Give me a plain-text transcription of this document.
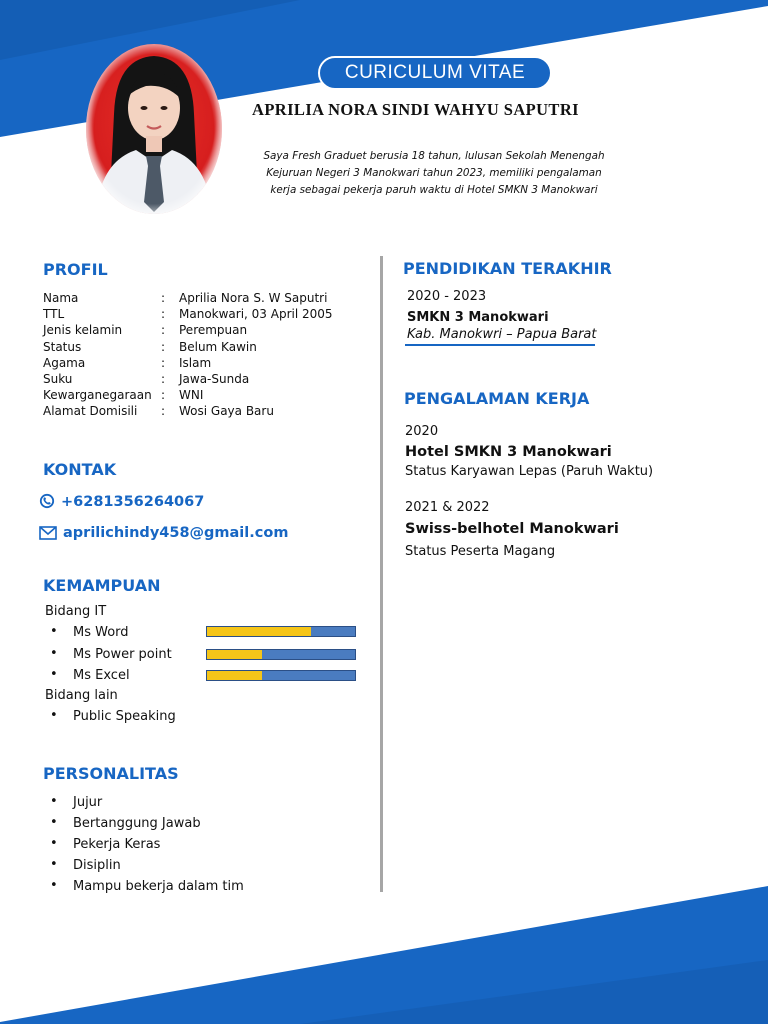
CURICULUM VITAE
APRILIA NORA SINDI WAHYU SAPUTRI
Saya Fresh Graduet berusia 18 tahun, lulusan Sekolah Menengah
Kejuruan Negeri 3 Manokwari tahun 2023, memiliki pengalaman
kerja sebagai pekerja paruh waktu di Hotel SMKN 3 Manokwari
PROFIL
Nama	: Aprilia Nora S. W Saputri
TTL	: Manokwari, 03 April 2005
Jenis kelamin	: Perempuan
Status	: Belum Kawin
Agama	: Islam
Suku	: Jawa-Sunda
Kewarganegaraan : WNI
Alamat Domisili : Wosi Gaya Baru
KONTAK
+6281356264067
aprilichindy458@gmail.com
KEMAMPUAN
Bidang IT
• Ms Word
• Ms Power point
• Ms Excel
Bidang lain
• Public Speaking
PERSONALITAS
• Jujur
• Bertanggung Jawab
• Pekerja Keras
• Disiplin
• Mampu bekerja dalam tim
PENDIDIKAN TERAKHIR
2020 - 2023
SMKN 3 Manokwari
Kab. Manokwri – Papua Barat
PENGALAMAN KERJA
2020
Hotel SMKN 3 Manokwari
Status Karyawan Lepas (Paruh Waktu)
2021 & 2022
Swiss-belhotel Manokwari
Status Peserta Magang
